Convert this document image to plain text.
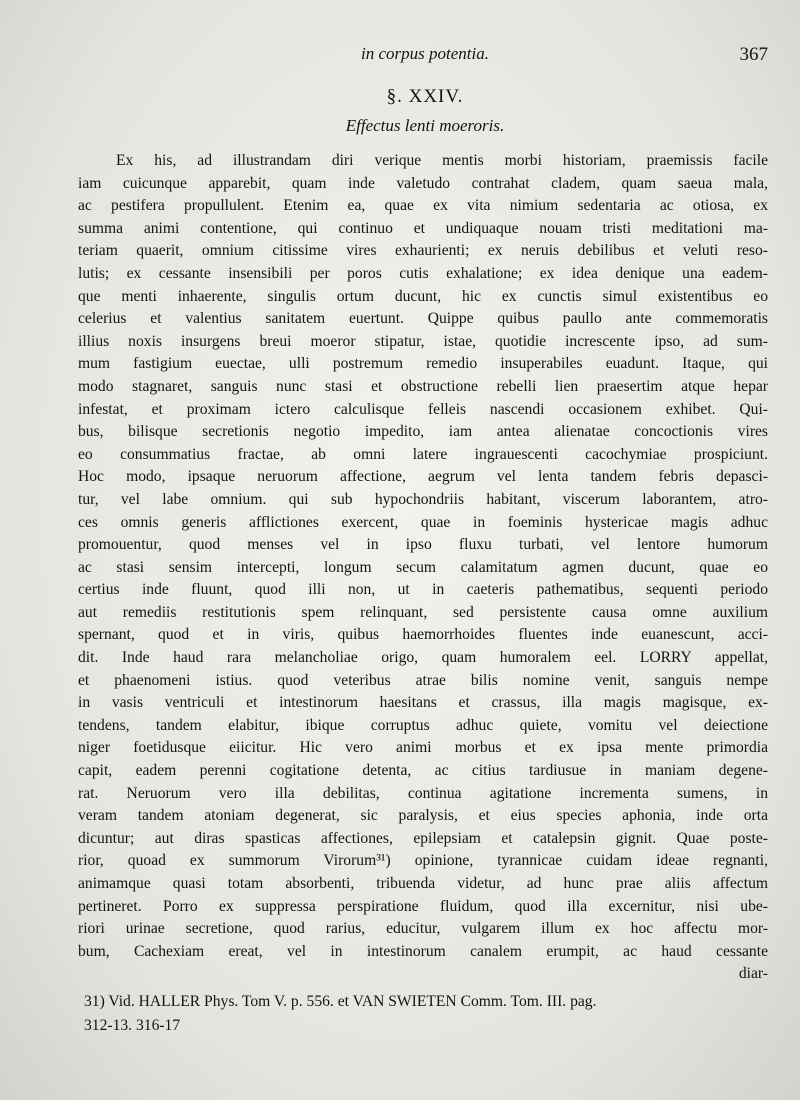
in corpus potentia.	367
§. XXIV.
Effectus lenti moeroris.
Ex his, ad illustrandam diri verique mentis morbi historiam, praemissis facile
iam cuicunque apparebit, quam inde valetudo contrahat cladem, quam saeua mala,
ac pestifera propullulent. Etenim ea, quae ex vita nimium sedentaria ac otiosa, ex
summa animi contentione, qui continuo et undiquaque nouam tristi meditationi ma-
teriam quaerit, omnium citissime vires exhaurienti; ex neruis debilibus et veluti reso-
lutis; ex cessante insensibili per poros cutis exhalatione; ex idea denique una eadem-
que menti inhaerente, singulis ortum ducunt, hic ex cunctis simul existentibus eo
celerius et valentius sanitatem euertunt. Quippe quibus paullo ante commemoratis
illius noxis insurgens breui moeror stipatur, istae, quotidie increscente ipso, ad sum-
mum fastigium euectae, ulli postremum remedio insuperabiles euadunt. Itaque, qui
modo stagnaret, sanguis nunc stasi et obstructione rebelli lien praesertim atque hepar
infestat, et proximam ictero calculisque felleis nascendi occasionem exhibet. Qui-
bus, bilisque secretionis negotio impedito, iam antea alienatae concoctionis vires
eo consummatius fractae, ab omni latere ingrauescenti cacochymiae prospiciunt.
Hoc modo, ipsaque neruorum affectione, aegrum vel lenta tandem febris depasci-
tur, vel labe omnium. qui sub hypochondriis habitant, viscerum laborantem, atro-
ces omnis generis afflictiones exercent, quae in foeminis hystericae magis adhuc
promouentur, quod menses vel in ipso fluxu turbati, vel lentore humorum
ac stasi sensim intercepti, longum secum calamitatum agmen ducunt, quae eo
certius inde fluunt, quod illi non, ut in caeteris pathematibus, sequenti periodo
aut remediis restitutionis spem relinquant, sed persistente causa omne auxilium
spernant, quod et in viris, quibus haemorrhoides fluentes inde euanescunt, acci-
dit. Inde haud rara melancholiae origo, quam humoralem eel. LORRY appellat,
et phaenomeni istius. quod veteribus atrae bilis nomine venit, sanguis nempe
in vasis ventriculi et intestinorum haesitans et crassus, illa magis magisque, ex-
tendens, tandem elabitur, ibique corruptus adhuc quiete, vomitu vel deiectione
niger foetidusque eiicitur. Hic vero animi morbus et ex ipsa mente primordia
capit, eadem perenni cogitatione detenta, ac citius tardiusue in maniam degene-
rat. Neruorum vero illa debilitas, continua agitatione incrementa sumens, in
veram tandem atoniam degenerat, sic paralysis, et eius species aphonia, inde orta
dicuntur; aut diras spasticas affectiones, epilepsiam et catalepsin gignit. Quae poste-
rior, quoad ex summorum Virorum³¹) opinione, tyrannicae cuidam ideae regnanti,
animamque quasi totam absorbenti, tribuenda videtur, ad hunc prae aliis affectum
pertineret. Porro ex suppressa perspiratione fluidum, quod illa excernitur, nisi ube-
riori urinae secretione, quod rarius, educitur, vulgarem illum ex hoc affectu mor-
bum, Cachexiam ereat, vel in intestinorum canalem erumpit, ac haud cessante
diar-
31) Vid. HALLER Phys. Tom V. p. 556. et VAN SWIETEN Comm. Tom. III. pag.
312-13. 316-17
